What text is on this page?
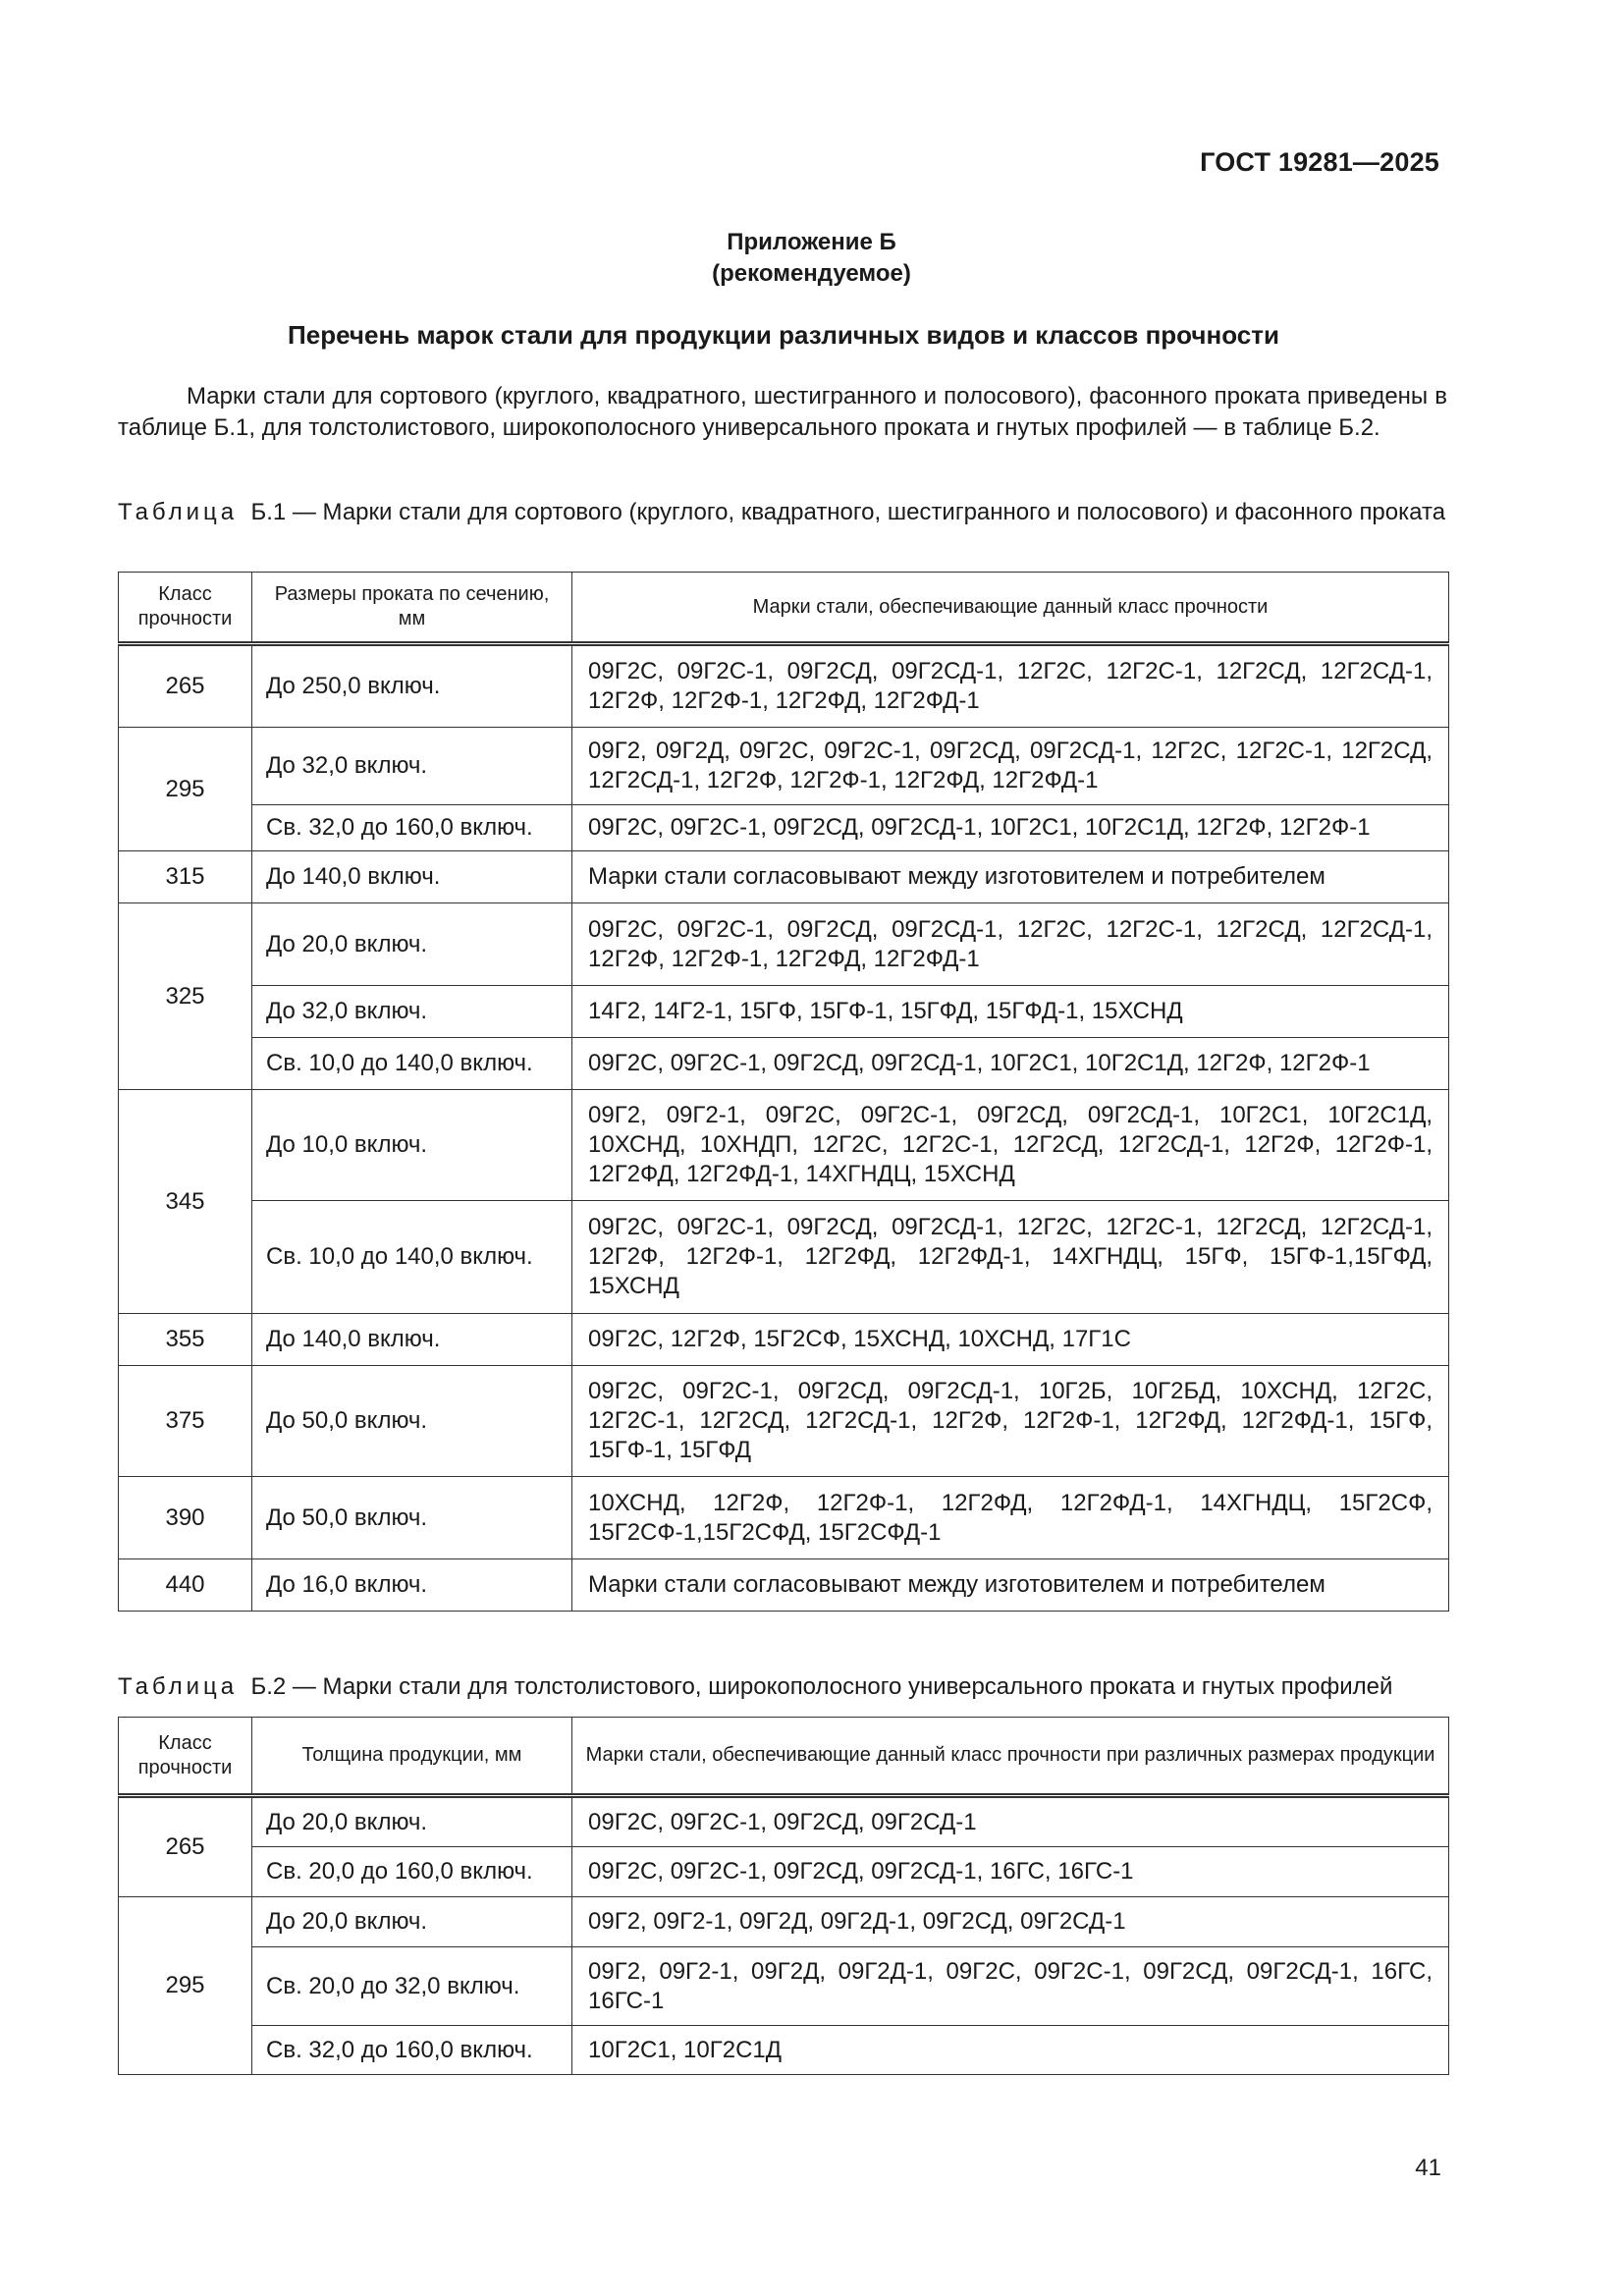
ГОСТ 19281—2025
Приложение Б
(рекомендуемое)
Перечень марок стали для продукции различных видов и классов прочности

Марки стали для сортового (круглого, квадратного, шестигранного и полосового), фасонного проката приведены в таблице Б.1, для толстолистового, широкополосного универсального проката и гнутых профилей — в таблице Б.2.

Таблица Б.1 — Марки стали для сортового (круглого, квадратного, шестигранного и полосового) и фасонного проката

Класс прочности	Размеры проката по сечению, мм	Марки стали, обеспечивающие данный класс прочности
265	До 250,0 включ.	09Г2С, 09Г2С-1, 09Г2СД, 09Г2СД-1, 12Г2С, 12Г2С-1, 12Г2СД, 12Г2СД-1, 12Г2Ф, 12Г2Ф-1, 12Г2ФД, 12Г2ФД-1
295	До 32,0 включ.	09Г2, 09Г2Д, 09Г2С, 09Г2С-1, 09Г2СД, 09Г2СД-1, 12Г2С, 12Г2С-1, 12Г2СД, 12Г2СД-1, 12Г2Ф, 12Г2Ф-1, 12Г2ФД, 12Г2ФД-1
	Св. 32,0 до 160,0 включ.	09Г2С, 09Г2С-1, 09Г2СД, 09Г2СД-1, 10Г2С1, 10Г2С1Д, 12Г2Ф, 12Г2Ф-1
315	До 140,0 включ.	Марки стали согласовывают между изготовителем и потребителем
325	До 20,0 включ.	09Г2С, 09Г2С-1, 09Г2СД, 09Г2СД-1, 12Г2С, 12Г2С-1, 12Г2СД, 12Г2СД-1, 12Г2Ф, 12Г2Ф-1, 12Г2ФД, 12Г2ФД-1
	До 32,0 включ.	14Г2, 14Г2-1, 15ГФ, 15ГФ-1, 15ГФД, 15ГФД-1, 15ХСНД
	Св. 10,0 до 140,0 включ.	09Г2С, 09Г2С-1, 09Г2СД, 09Г2СД-1, 10Г2С1, 10Г2С1Д, 12Г2Ф, 12Г2Ф-1
345	До 10,0 включ.	09Г2, 09Г2-1, 09Г2С, 09Г2С-1, 09Г2СД, 09Г2СД-1, 10Г2С1, 10Г2С1Д, 10ХСНД, 10ХНДП, 12Г2С, 12Г2С-1, 12Г2СД, 12Г2СД-1, 12Г2Ф, 12Г2Ф-1, 12Г2ФД, 12Г2ФД-1, 14ХГНДЦ, 15ХСНД
	Св. 10,0 до 140,0 включ.	09Г2С, 09Г2С-1, 09Г2СД, 09Г2СД-1, 12Г2С, 12Г2С-1, 12Г2СД, 12Г2СД-1, 12Г2Ф, 12Г2Ф-1, 12Г2ФД, 12Г2ФД-1, 14ХГНДЦ, 15ГФ, 15ГФ-1,15ГФД, 15ХСНД
355	До 140,0 включ.	09Г2С, 12Г2Ф, 15Г2СФ, 15ХСНД, 10ХСНД, 17Г1С
375	До 50,0 включ.	09Г2С, 09Г2С-1, 09Г2СД, 09Г2СД-1, 10Г2Б, 10Г2БД, 10ХСНД, 12Г2С, 12Г2С-1, 12Г2СД, 12Г2СД-1, 12Г2Ф, 12Г2Ф-1, 12Г2ФД, 12Г2ФД-1, 15ГФ, 15ГФ-1, 15ГФД
390	До 50,0 включ.	10ХСНД, 12Г2Ф, 12Г2Ф-1, 12Г2ФД, 12Г2ФД-1, 14ХГНДЦ, 15Г2СФ, 15Г2СФ-1,15Г2СФД, 15Г2СФД-1
440	До 16,0 включ.	Марки стали согласовывают между изготовителем и потребителем

Таблица Б.2 — Марки стали для толстолистового, широкополосного универсального проката и гнутых профилей

Класс прочности	Толщина продукции, мм	Марки стали, обеспечивающие данный класс прочности при различных размерах продукции
265	До 20,0 включ.	09Г2С, 09Г2С-1, 09Г2СД, 09Г2СД-1
	Св. 20,0 до 160,0 включ.	09Г2С, 09Г2С-1, 09Г2СД, 09Г2СД-1, 16ГС, 16ГС-1
295	До 20,0 включ.	09Г2, 09Г2-1, 09Г2Д, 09Г2Д-1, 09Г2СД, 09Г2СД-1
	Св. 20,0 до 32,0 включ.	09Г2, 09Г2-1, 09Г2Д, 09Г2Д-1, 09Г2С, 09Г2С-1, 09Г2СД, 09Г2СД-1, 16ГС, 16ГС-1
	Св. 32,0 до 160,0 включ.	10Г2С1, 10Г2С1Д
41
